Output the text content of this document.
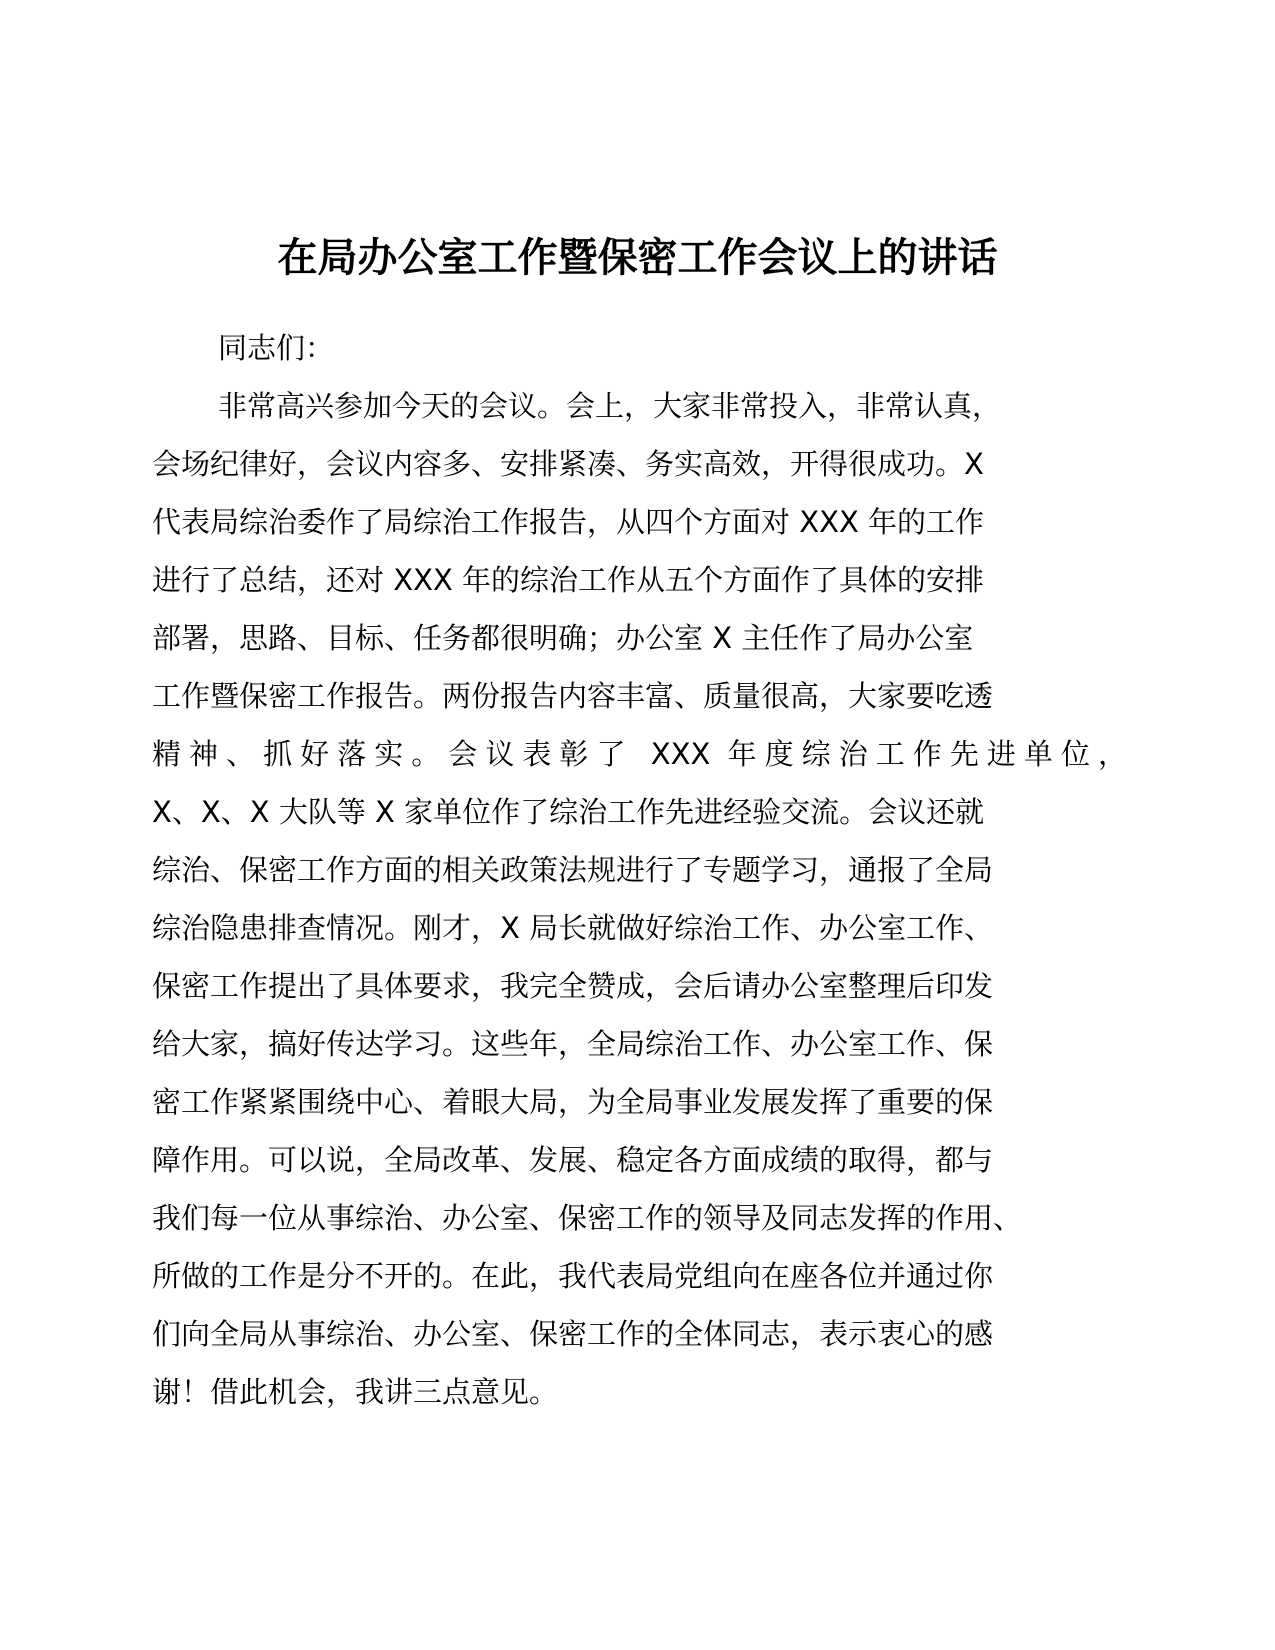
在局办公室工作暨保密工作会议上的讲话

同志们：

非常高兴参加今天的会议。会上，大家非常投入，非常认真，
会场纪律好，会议内容多、安排紧凑、务实高效，开得很成功。X
代表局综治委作了局综治工作报告，从四个方面对 XXX 年的工作
进行了总结，还对 XXX 年的综治工作从五个方面作了具体的安排
部署，思路、目标、任务都很明确；办公室 X 主任作了局办公室
工作暨保密工作报告。两份报告内容丰富、质量很高，大家要吃透
精神、抓好落实。会议表彰了 XXX 年度综治工作先进单位，
X、X、X 大队等 X 家单位作了综治工作先进经验交流。会议还就
综治、保密工作方面的相关政策法规进行了专题学习，通报了全局
综治隐患排查情况。刚才，X 局长就做好综治工作、办公室工作、
保密工作提出了具体要求，我完全赞成，会后请办公室整理后印发
给大家，搞好传达学习。这些年，全局综治工作、办公室工作、保
密工作紧紧围绕中心、着眼大局，为全局事业发展发挥了重要的保
障作用。可以说，全局改革、发展、稳定各方面成绩的取得，都与
我们每一位从事综治、办公室、保密工作的领导及同志发挥的作用、
所做的工作是分不开的。在此，我代表局党组向在座各位并通过你
们向全局从事综治、办公室、保密工作的全体同志，表示衷心的感
谢！借此机会，我讲三点意见。
